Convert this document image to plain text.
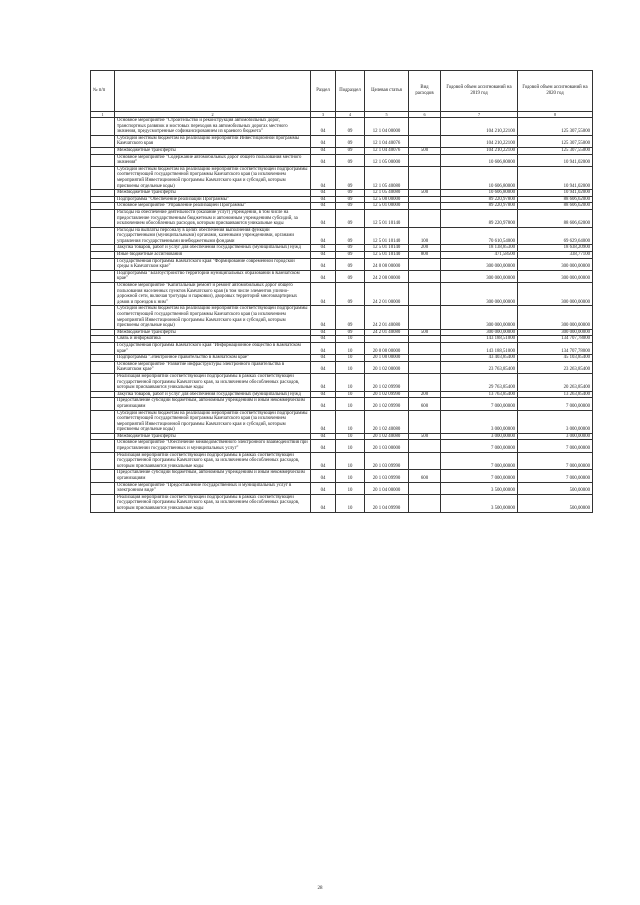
№ п/п		Раздел	Подраздел	Целевая статья	Вид расходов	Годовой объем ассигнований на 2019 год	Годовой объем ассигнований на 2020 год
1	2	3	4	5	6	7	8
	Основное мероприятие "Строительство и реконструкция автомобильных дорог, транспортных развязок и мостовых переходов на автомобильных дорогах местного значения, предусмотренные софинансированием из краевого бюджета"	04	09	12 1 04 00000		104 210,22100	125 307,55000
	Субсидии местным бюджетам на реализацию мероприятий Инвестиционной программы Камчатского края	04	09	12 1 04 40076		104 210,22100	125 307,55000
	Межбюджетные трансферты	04	09	12 1 04 40076	500	104 210,22100	125 307,55000
	Основное мероприятие "Содержание автомобильных дорог общего пользования местного значения"	04	09	12 1 05 00000		10 606,80000	10 941,02000
	Субсидии местным бюджетам на реализацию мероприятий соответствующей подпрограммы соответствующей государственной программы Камчатского края (за исключением мероприятий Инвестиционной программы Камчатского края и субсидий, которым присвоены отдельные коды)	04	09	12 1 05 40080		10 606,80000	10 941,02000
	Межбюджетные трансферты	04	09	12 1 05 40080	500	10 606,80000	10 941,02000
	Подпрограмма "Обеспечение реализации Программы"	04	09	12 5 00 00000		89 220,97800	88 606,62000
	Основное мероприятие "Управление реализацией Программы"	04	09	12 5 01 00000		89 220,97800	88 606,62000
	Расходы на обеспечение деятельности (оказание услуг) учреждений, в том числе на предоставление государственным бюджетным и автономным учреждениям субсидий, за исключением обособленных расходов, которым присваиваются уникальные коды	04	09	12 5 01 10140		89 220,97800	88 606,62000
	Расходы на выплаты персоналу в целях обеспечения выполнения функций государственными (муниципальными) органами, казенными учреждениями, органами управления государственными внебюджетными фондами	04	09	12 5 01 10140	100	70 610,54000	69 629,64000
	Закупка товаров, работ и услуг для обеспечения государственных (муниципальных) нужд	04	09	12 5 01 10140	200	18 138,85300	18 638,20900
	Иные бюджетные ассигнования	04	09	12 5 01 10140	800	471,58500	338,77100
	Государственная программа Камчатского края "Формирование современной городской среды в Камчатском крае"	04	09	24 0 00 00000		300 000,00000	300 000,00000
	Подпрограмма "Благоустройство территорий муниципальных образований в Камчатском крае"	04	09	24 2 00 00000		300 000,00000	300 000,00000
	Основное мероприятие "Капитальный ремонт и ремонт автомобильных дорог общего пользования населенных пунктов Камчатского края (в том числе элементов улично-дорожной сети, включая тротуары и парковки), дворовых территорий многоквартирных домов и проездов к ним"	04	09	24 2 01 00000		300 000,00000	300 000,00000
	Субсидии местным бюджетам на реализацию мероприятий соответствующей подпрограммы соответствующей государственной программы Камчатского края (за исключением мероприятий Инвестиционной программы Камчатского края и субсидий, которым присвоены отдельные коды)	04	09	24 2 01 40080		300 000,00000	300 000,00000
	Межбюджетные трансферты	04	09	24 2 01 40080	500	300 000,00000	300 000,00000
	Связь и информатика	04	10			143 188,51000	134 707,78000
	Государственная программа Камчатского края "Информационное общество в Камчатском крае"	04	10	20 0 00 00000		143 188,51000	134 707,78000
	Подпрограмма "Электронное правительство в Камчатском крае"	04	10	20 1 00 00000		43 403,85400	45 103,85400
	Основное мероприятие "Развитие инфраструктуры электронного правительства в Камчатском крае"	04	10	20 1 02 00000		23 763,85400	23 263,85400
	Реализация мероприятий соответствующей подпрограммы в рамках соответствующей государственной программы Камчатского края, за исключением обособленных расходов, которым присваиваются уникальные коды	04	10	20 1 02 09990		29 763,85400	20 263,85400
	Закупка товаров, работ и услуг для обеспечения государственных (муниципальных) нужд	04	10	20 1 02 09990	200	13 763,85400	13 263,85400
	Предоставление субсидий бюджетным, автономным учреждениям и иным некоммерческим организациям	04	10	20 1 02 09990	600	7 000,00000	7 000,00000
	Субсидии местным бюджетам на реализацию мероприятий соответствующей подпрограммы соответствующей государственной программы Камчатского края (за исключением мероприятий Инвестиционной программы Камчатского края и субсидий, которым присвоены отдельные коды)	04	10	20 1 02 40080		3 000,00000	3 000,00000
	Межбюджетные трансферты	04	10	20 1 02 40080	500	3 000,00000	3 000,00000
	Основное мероприятие "Обеспечение межведомственного электронного взаимодействия при предоставлении государственных и муниципальных услуг"	04	10	20 1 03 00000		7 000,00000	7 000,00000
	Реализация мероприятий соответствующей подпрограммы в рамках соответствующей государственной программы Камчатского края, за исключением обособленных расходов, которым присваиваются уникальные коды	04	10	20 1 03 09990		7 000,00000	7 000,00000
	Предоставление субсидий бюджетным, автономным учреждениям и иным некоммерческим организациям	04	10	20 1 03 09990	600	7 000,00000	7 000,00000
	Основное мероприятие "Предоставление государственных и муниципальных услуг в электронном виде"	04	10	20 1 04 00000		3 500,00000	500,00000
	Реализация мероприятий соответствующей подпрограммы в рамках соответствующей государственной программы Камчатского края, за исключением обособленных расходов, которым присваиваются уникальные коды	04	10	20 1 04 09990		3 500,00000	500,00000
28
